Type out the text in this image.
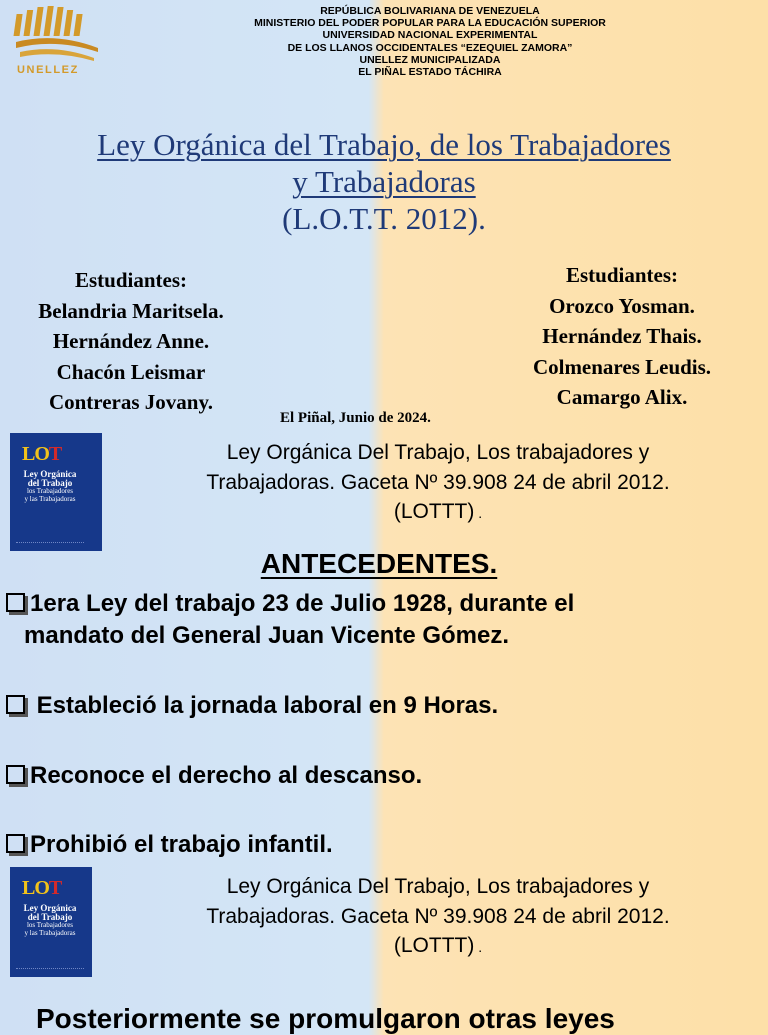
UNELLEZ
REPÚBLICA BOLIVARIANA DE VENEZUELA
MINISTERIO DEL PODER POPULAR PARA LA EDUCACIÓN SUPERIOR
UNIVERSIDAD NACIONAL EXPERIMENTAL
DE LOS LLANOS OCCIDENTALES “EZEQUIEL ZAMORA”
UNELLEZ MUNICIPALIZADA
EL PIÑAL ESTADO TÁCHIRA
Ley Orgánica del Trabajo, de los Trabajadores
y Trabajadoras
(L.O.T.T. 2012).
Estudiantes:
Belandria Maritsela.
Hernández Anne.
Chacón Leismar
Contreras Jovany.
Estudiantes:
Orozco Yosman.
Hernández Thais.
Colmenares Leudis.
Camargo Alix.
El Piñal, Junio de 2024.
LOT
Ley Orgánica
del Trabajo
los Trabajadores
y las Trabajadoras
Ley Orgánica Del Trabajo, Los trabajadores y
Trabajadoras. Gaceta Nº 39.908 24 de abril 2012.
(LOTTT) .
ANTECEDENTES.
1era Ley del trabajo 23 de Julio 1928, durante el
mandato del General Juan Vicente Gómez.
Estableció la jornada laboral en 9 Horas.
Reconoce el derecho al descanso.
Prohibió el trabajo infantil.
LOT
Ley Orgánica
del Trabajo
los Trabajadores
y las Trabajadoras
Ley Orgánica Del Trabajo, Los trabajadores y
Trabajadoras. Gaceta Nº 39.908 24 de abril 2012.
(LOTTT) .
Posteriormente se promulgaron otras leyes
